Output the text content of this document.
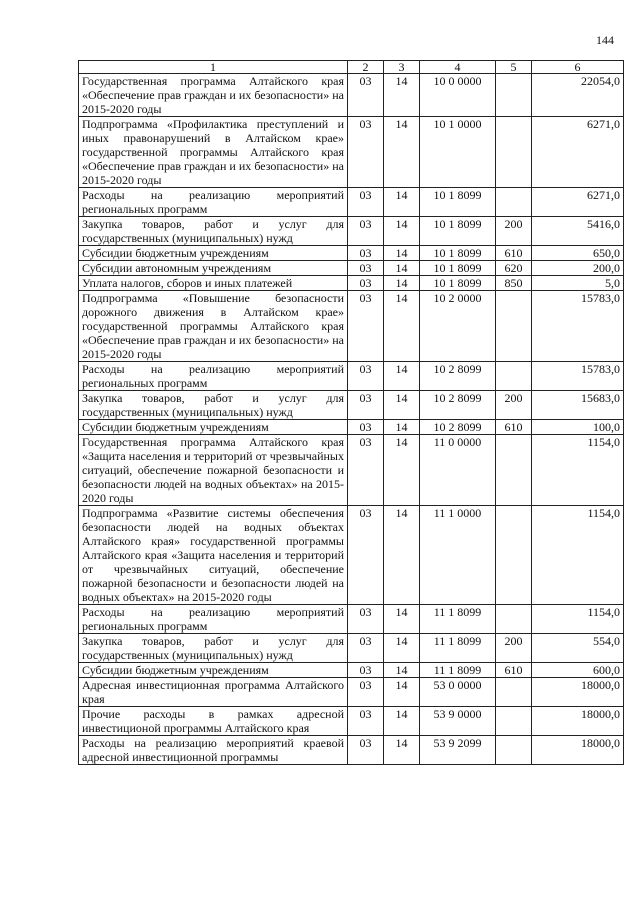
144
1	2	3	4	5	6
Государственная программа Алтайского края «Обеспечение прав граждан и их безопасности» на 2015-2020 годы	03	14	10 0 0000		22054,0
Подпрограмма «Профилактика преступлений и иных правонарушений в Алтайском крае» государственной программы Алтайского края «Обеспечение прав граждан и их безопасности» на 2015-2020 годы	03	14	10 1 0000		6271,0
Расходы на реализацию мероприятий региональных программ	03	14	10 1 8099		6271,0
Закупка товаров, работ и услуг для государственных (муниципальных) нужд	03	14	10 1 8099	200	5416,0
Субсидии бюджетным учреждениям	03	14	10 1 8099	610	650,0
Субсидии автономным учреждениям	03	14	10 1 8099	620	200,0
Уплата налогов, сборов и иных платежей	03	14	10 1 8099	850	5,0
Подпрограмма «Повышение безопасности дорожного движения в Алтайском крае» государственной программы Алтайского края «Обеспечение прав граждан и их безопасности» на 2015-2020 годы	03	14	10 2 0000		15783,0
Расходы на реализацию мероприятий региональных программ	03	14	10 2 8099		15783,0
Закупка товаров, работ и услуг для государственных (муниципальных) нужд	03	14	10 2 8099	200	15683,0
Субсидии бюджетным учреждениям	03	14	10 2 8099	610	100,0
Государственная программа Алтайского края «Защита населения и территорий от чрезвычайных ситуаций, обеспечение пожарной безопасности и безопасности людей на водных объектах» на 2015-2020 годы	03	14	11 0 0000		1154,0
Подпрограмма «Развитие системы обеспечения безопасности людей на водных объектах Алтайского края» государственной программы Алтайского края «Защита населения и территорий от чрезвычайных ситуаций, обеспечение пожарной безопасности и безопасности людей на водных объектах» на 2015-2020 годы	03	14	11 1 0000		1154,0
Расходы на реализацию мероприятий региональных программ	03	14	11 1 8099		1154,0
Закупка товаров, работ и услуг для государственных (муниципальных) нужд	03	14	11 1 8099	200	554,0
Субсидии бюджетным учреждениям	03	14	11 1 8099	610	600,0
Адресная инвестиционная программа Алтайского края	03	14	53 0 0000		18000,0
Прочие расходы в рамках адресной инвестиционой программы Алтайского края	03	14	53 9 0000		18000,0
Расходы на реализацию мероприятий краевой адресной инвестиционной программы	03	14	53 9 2099		18000,0
